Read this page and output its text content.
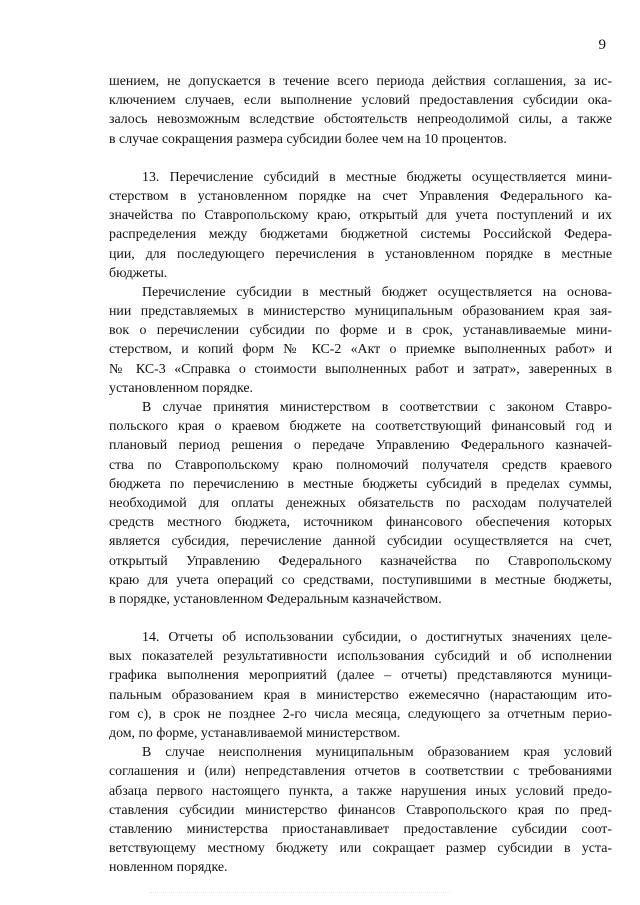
9
шением, не допускается в течение всего периода действия соглашения, за ис-
ключением случаев, если выполнение условий предоставления субсидии ока-
залось невозможным вследствие обстоятельств непреодолимой силы, а также
в случае сокращения размера субсидии более чем на 10 процентов.
13. Перечисление субсидий в местные бюджеты осуществляется мини-
стерством в установленном порядке на счет Управления Федерального ка-
значейства по Ставропольскому краю, открытый для учета поступлений и их
распределения между бюджетами бюджетной системы Российской Федера-
ции, для последующего перечисления в установленном порядке в местные
бюджеты.
Перечисление субсидии в местный бюджет осуществляется на основа-
нии представляемых в министерство муниципальным образованием края зая-
вок о перечислении субсидии по форме и в срок, устанавливаемые мини-
стерством, и копий форм № КС-2 «Акт о приемке выполненных работ» и
№ КС-3 «Справка о стоимости выполненных работ и затрат», заверенных в
установленном порядке.
В случае принятия министерством в соответствии с законом Ставро-
польского края о краевом бюджете на соответствующий финансовый год и
плановый период решения о передаче Управлению Федерального казначей-
ства по Ставропольскому краю полномочий получателя средств краевого
бюджета по перечислению в местные бюджеты субсидий в пределах суммы,
необходимой для оплаты денежных обязательств по расходам получателей
средств местного бюджета, источником финансового обеспечения которых
является субсидия, перечисление данной субсидии осуществляется на счет,
открытый Управлению Федерального казначейства по Ставропольскому
краю для учета операций со средствами, поступившими в местные бюджеты,
в порядке, установленном Федеральным казначейством.
14. Отчеты об использовании субсидии, о достигнутых значениях целе-
вых показателей результативности использования субсидий и об исполнении
графика выполнения мероприятий (далее – отчеты) представляются муници-
пальным образованием края в министерство ежемесячно (нарастающим ито-
гом с), в срок не позднее 2-го числа месяца, следующего за отчетным перио-
дом, по форме, устанавливаемой министерством.
В случае неисполнения муниципальным образованием края условий
соглашения и (или) непредставления отчетов в соответствии с требованиями
абзаца первого настоящего пункта, а также нарушения иных условий предо-
ставления субсидии министерство финансов Ставропольского края по пред-
ставлению министерства приостанавливает предоставление субсидии соот-
ветствующему местному бюджету или сокращает размер субсидии в уста-
новленном порядке.
